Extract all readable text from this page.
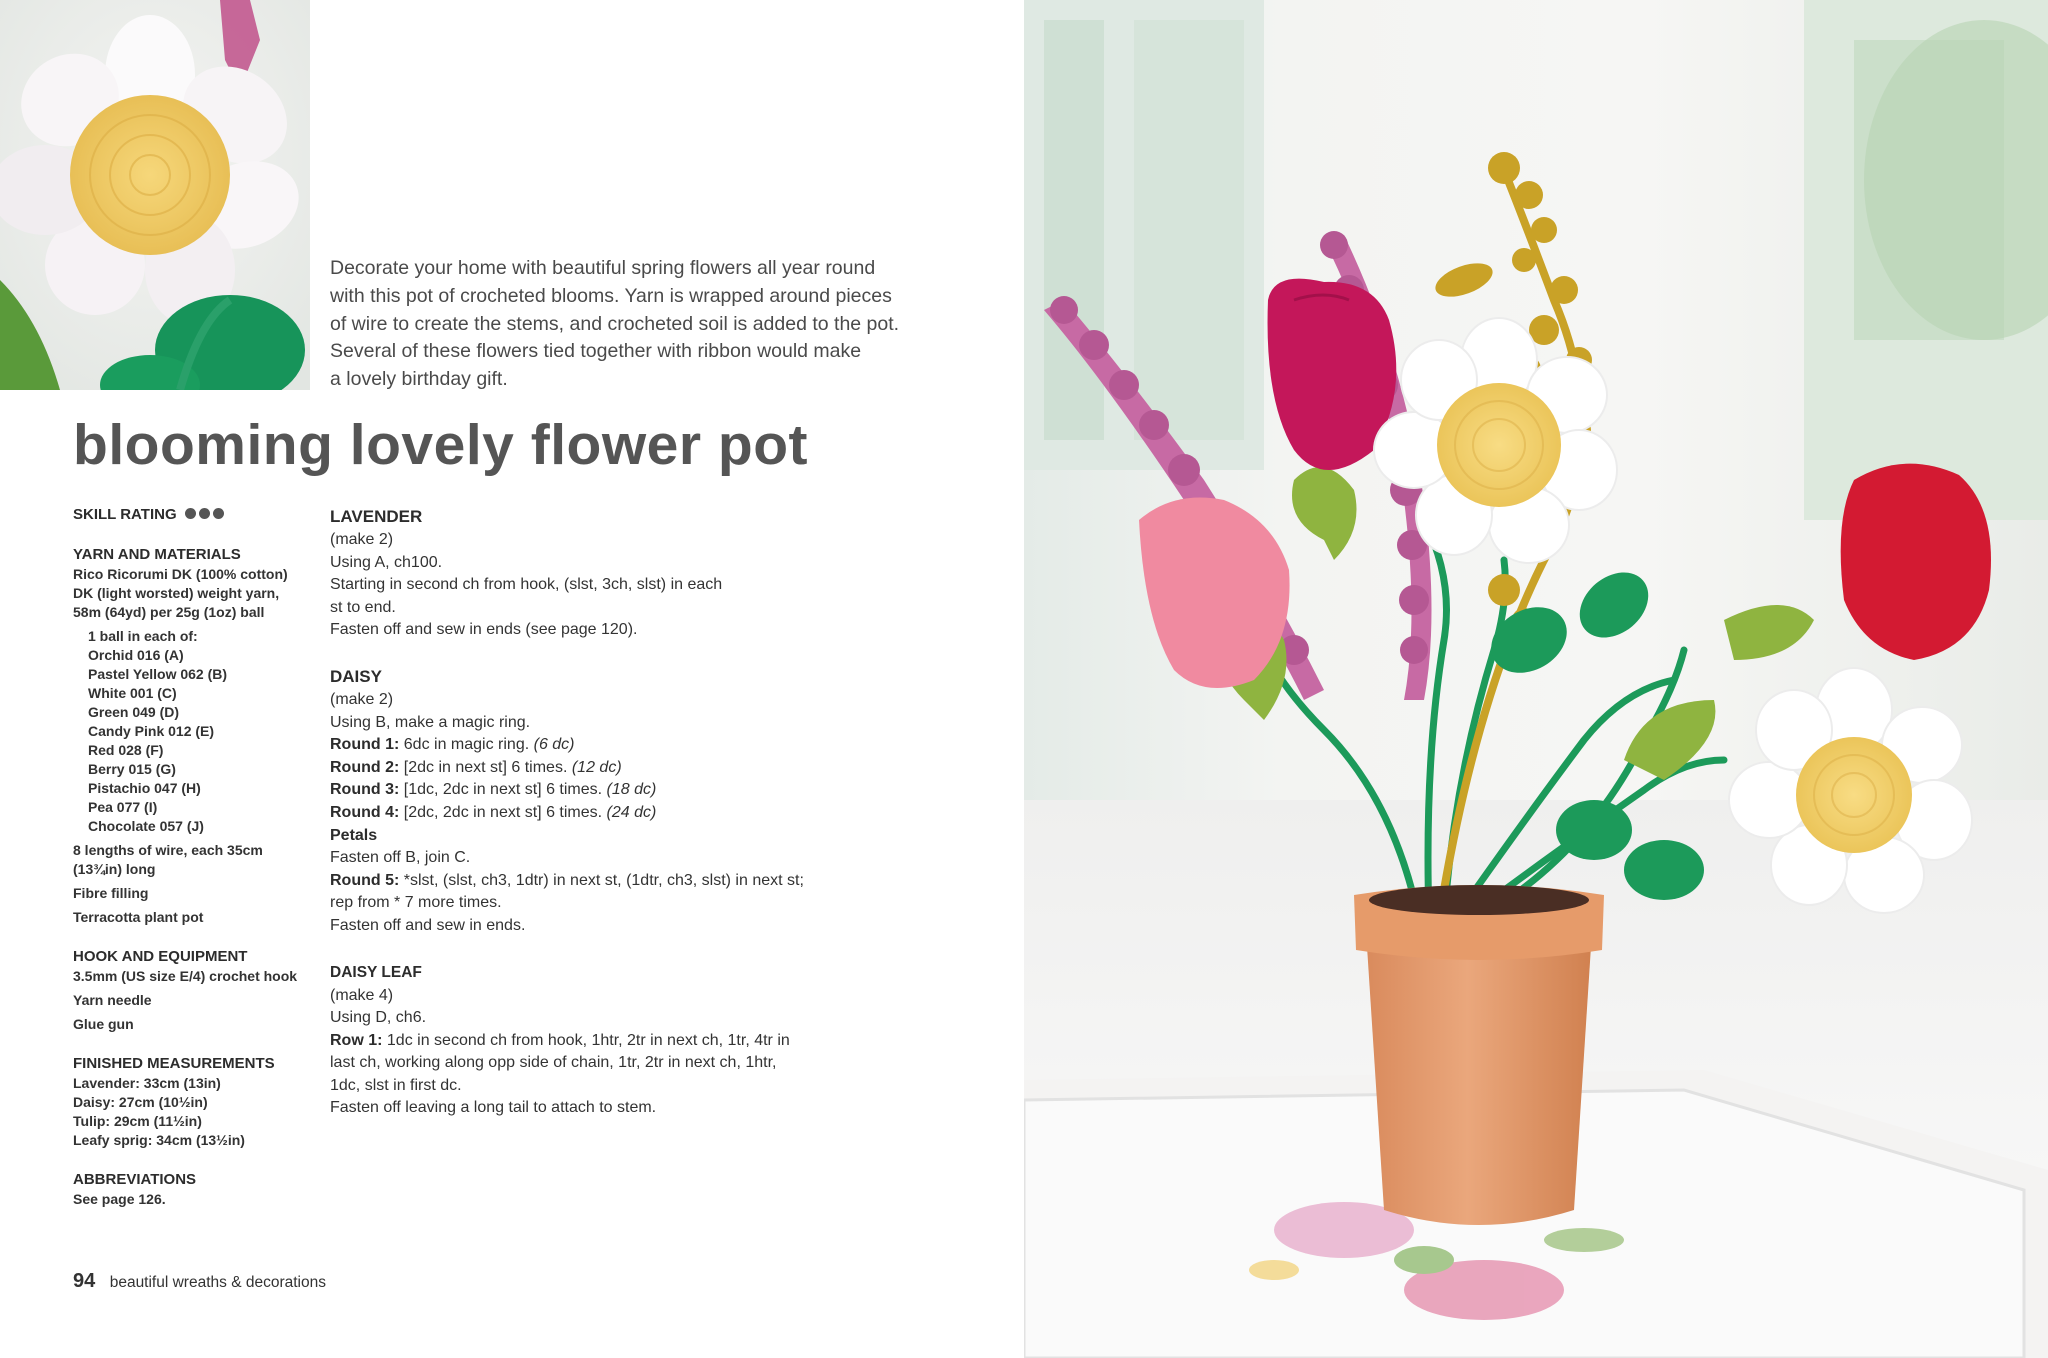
Decorate your home with beautiful spring flowers all year round
with this pot of crocheted blooms. Yarn is wrapped around pieces
of wire to create the stems, and crocheted soil is added to the pot.
Several of these flowers tied together with ribbon would make
a lovely birthday gift.

blooming lovely flower pot

SKILL RATING

YARN AND MATERIALS

Rico Ricorumi DK (100% cotton)

DK (light worsted) weight yarn,

58m (64yd) per 25g (1oz) ball

1 ball in each of:

Orchid 016 (A)

Pastel Yellow 062 (B)

White 001 (C)

Green 049 (D)

Candy Pink 012 (E)

Red 028 (F)

Berry 015 (G)

Pistachio 047 (H)

Pea 077 (I)

Chocolate 057 (J)

8 lengths of wire, each 35cm

(13¾in) long

Fibre filling

Terracotta plant pot

HOOK AND EQUIPMENT

3.5mm (US size E/4) crochet hook

Yarn needle

Glue gun

FINISHED MEASUREMENTS

Lavender: 33cm (13in)

Daisy: 27cm (10½in)

Tulip: 29cm (11½in)

Leafy sprig: 34cm (13½in)

ABBREVIATIONS

See page 126.

LAVENDER

(make 2)

Using A, ch100.

Starting in second ch from hook, (slst, 3ch, slst) in each

st to end.

Fasten off and sew in ends (see page 120).

DAISY

(make 2)

Using B, make a magic ring.

Round 1: 6dc in magic ring. (6 dc)

Round 2: [2dc in next st] 6 times. (12 dc)

Round 3: [1dc, 2dc in next st] 6 times. (18 dc)

Round 4: [2dc, 2dc in next st] 6 times. (24 dc)

Petals

Fasten off B, join C.

Round 5: *slst, (slst, ch3, 1dtr) in next st, (1dtr, ch3, slst) in next st;

rep from * 7 more times.

Fasten off and sew in ends.

DAISY LEAF

(make 4)

Using D, ch6.

Row 1: 1dc in second ch from hook, 1htr, 2tr in next ch, 1tr, 4tr in

last ch, working along opp side of chain, 1tr, 2tr in next ch, 1htr,

1dc, slst in first dc.

Fasten off leaving a long tail to attach to stem.

94 beautiful wreaths & decorations
